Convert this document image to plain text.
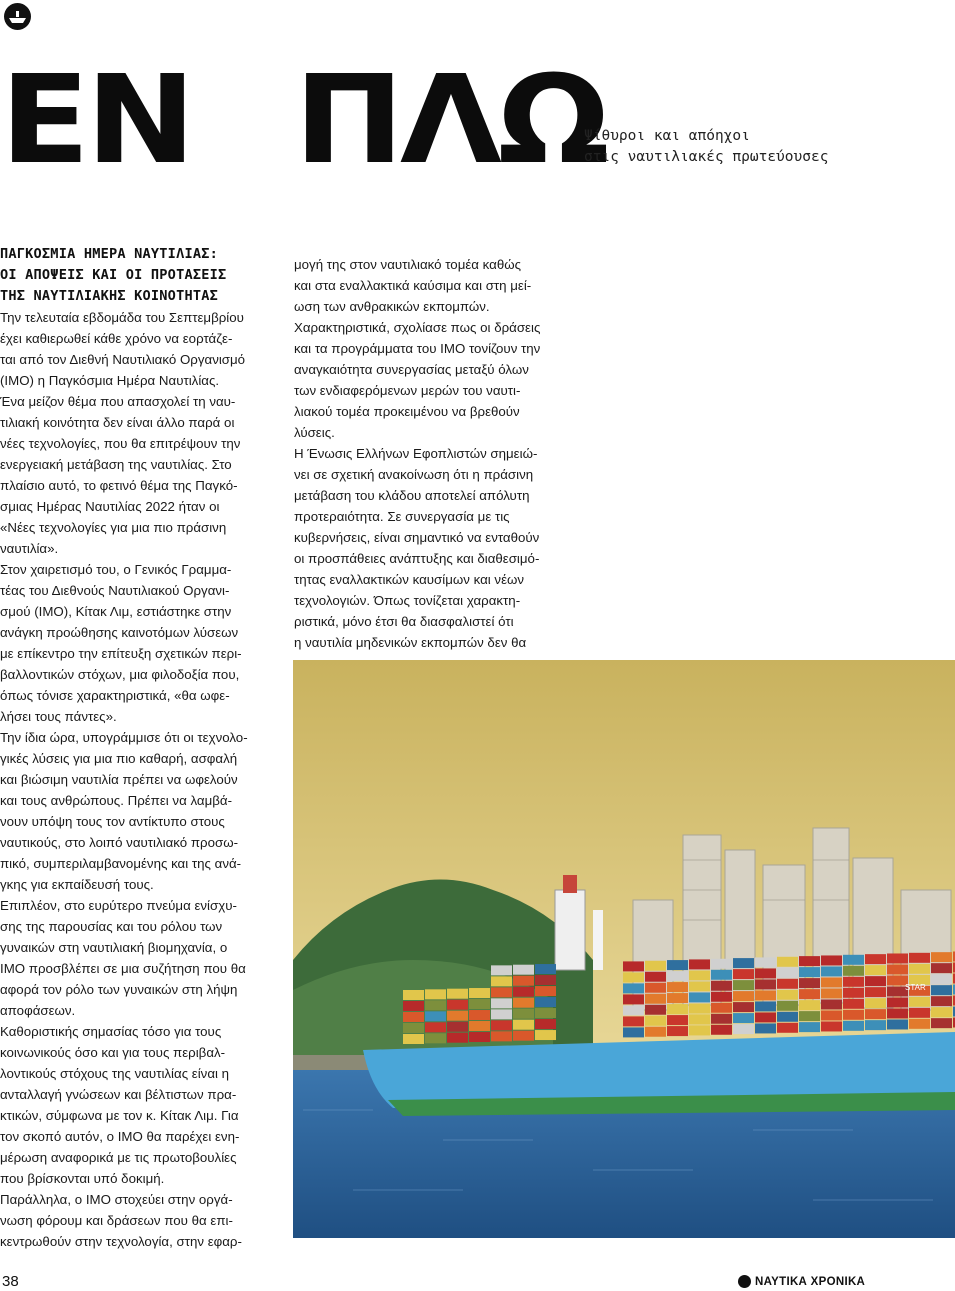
ΕΝ ΠΛΩ
Ψίθυροι και απόηχοι
στις ναυτιλιακές πρωτεύουσες
ΠΑΓΚΟΣΜΙΑ ΗΜΕΡΑ ΝΑΥΤΙΛΙΑΣ:
ΟΙ ΑΠΟΨΕΙΣ ΚΑΙ ΟΙ ΠΡΟΤΑΣΕΙΣ
ΤΗΣ ΝΑΥΤΙΛΙΑΚΗΣ ΚΟΙΝΟΤΗΤΑΣ
Την τελευταία εβδομάδα του Σεπτεμβρίου
έχει καθιερωθεί κάθε χρόνο να εορτάζε-
ται από τον Διεθνή Ναυτιλιακό Οργανισμό
(ΙΜΟ) η Παγκόσμια Ημέρα Ναυτιλίας.
Ένα μείζον θέμα που απασχολεί τη ναυ-
τιλιακή κοινότητα δεν είναι άλλο παρά οι
νέες τεχνολογίες, που θα επιτρέψουν την
ενεργειακή μετάβαση της ναυτιλίας. Στο
πλαίσιο αυτό, το φετινό θέμα της Παγκό-
σμιας Ημέρας Ναυτιλίας 2022 ήταν οι
«Νέες τεχνολογίες για μια πιο πράσινη
ναυτιλία».
Στον χαιρετισμό του, ο Γενικός Γραμμα-
τέας του Διεθνούς Ναυτιλιακού Οργανι-
σμού (ΙΜΟ), Κίτακ Λιμ, εστιάστηκε στην
ανάγκη προώθησης καινοτόμων λύσεων
με επίκεντρο την επίτευξη σχετικών περι-
βαλλοντικών στόχων, μια φιλοδοξία που,
όπως τόνισε χαρακτηριστικά, «θα ωφε-
λήσει τους πάντες».
Την ίδια ώρα, υπογράμμισε ότι οι τεχνολο-
γικές λύσεις για μια πιο καθαρή, ασφαλή
και βιώσιμη ναυτιλία πρέπει να ωφελούν
και τους ανθρώπους. Πρέπει να λαμβά-
νουν υπόψη τους τον αντίκτυπο στους
ναυτικούς, στο λοιπό ναυτιλιακό προσω-
πικό, συμπεριλαμβανομένης και της ανά-
γκης για εκπαίδευσή τους.
Επιπλέον, στο ευρύτερο πνεύμα ενίσχυ-
σης της παρουσίας και του ρόλου των
γυναικών στη ναυτιλιακή βιομηχανία, ο
ΙΜΟ προσβλέπει σε μια συζήτηση που θα
αφορά τον ρόλο των γυναικών στη λήψη
αποφάσεων.
Καθοριστικής σημασίας τόσο για τους
κοινωνικούς όσο και για τους περιβαλ-
λοντικούς στόχους της ναυτιλίας είναι η
ανταλλαγή γνώσεων και βέλτιστων πρα-
κτικών, σύμφωνα με τον κ. Κίτακ Λιμ. Για
τον σκοπό αυτόν, ο ΙΜΟ θα παρέχει ενη-
μέρωση αναφορικά με τις πρωτοβουλίες
που βρίσκονται υπό δοκιμή.
Παράλληλα, ο ΙΜΟ στοχεύει στην οργά-
νωση φόρουμ και δράσεων που θα επι-
κεντρωθούν στην τεχνολογία, στην εφαρ-
μογή της στον ναυτιλιακό τομέα καθώς
και στα εναλλακτικά καύσιμα και στη μεί-
ωση των ανθρακικών εκπομπών.
Χαρακτηριστικά, σχολίασε πως οι δράσεις
και τα προγράμματα του ΙΜΟ τονίζουν την
αναγκαιότητα συνεργασίας μεταξύ όλων
των ενδιαφερόμενων μερών του ναυτι-
λιακού τομέα προκειμένου να βρεθούν
λύσεις.
Η Ένωσις Ελλήνων Εφοπλιστών σημειώ-
νει σε σχετική ανακοίνωση ότι η πράσινη
μετάβαση του κλάδου αποτελεί απόλυτη
προτεραιότητα. Σε συνεργασία με τις
κυβερνήσεις, είναι σημαντικό να ενταθούν
οι προσπάθειες ανάπτυξης και διαθεσιμό-
τητας εναλλακτικών καυσίμων και νέων
τεχνολογιών. Όπως τονίζεται χαρακτη-
ριστικά, μόνο έτσι θα διασφαλιστεί ότι
η ναυτιλία μηδενικών εκπομπών δεν θα
STAR
38	ΝΑΥΤΙΚΑ ΧΡΟΝΙΚΑ
